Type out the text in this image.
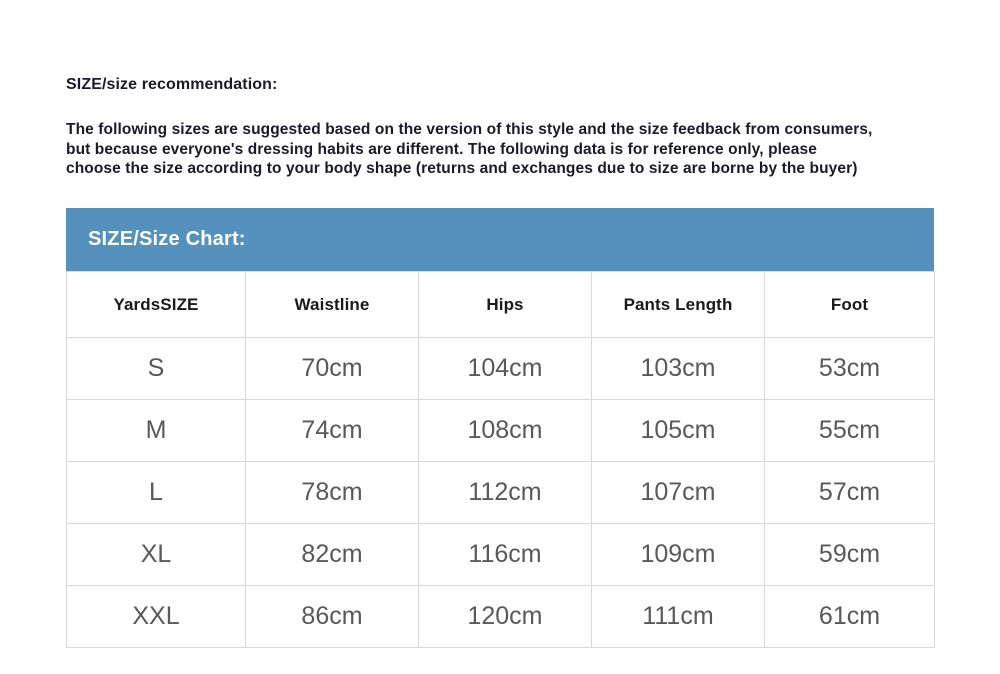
SIZE/size recommendation:
The following sizes are suggested based on the version of this style and the size feedback from consumers,
but because everyone's dressing habits are different. The following data is for reference only, please
choose the size according to your body shape (returns and exchanges due to size are borne by the buyer)
SIZE/Size Chart:
YardsSIZE	Waistline	Hips	Pants Length	Foot
S	70cm	104cm	103cm	53cm
M	74cm	108cm	105cm	55cm
L	78cm	112cm	107cm	57cm
XL	82cm	116cm	109cm	59cm
XXL	86cm	120cm	111cm	61cm
